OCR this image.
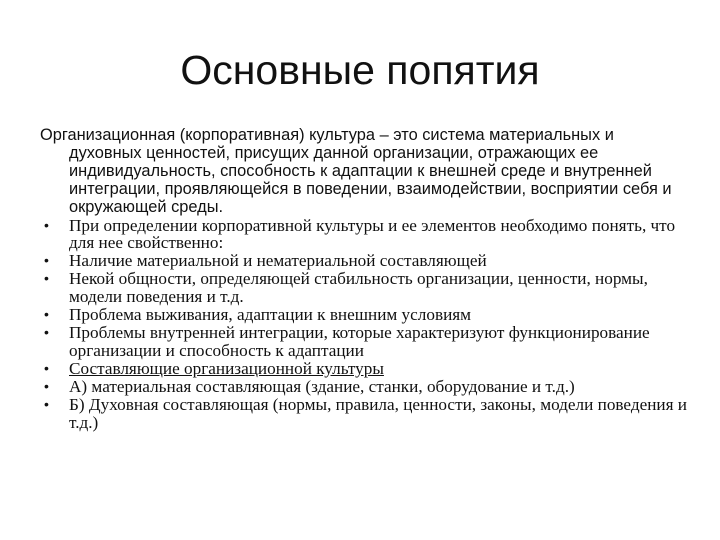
Основные попятия

Организационная (корпоративная) культура – это система материальных и духовных ценностей, присущих данной организации, отражающих ее индивидуальность, способность к адаптации к внешней среде и внутренней интеграции, проявляющейся в поведении, взаимодействии, восприятии себя и окружающей среды.

• При определении корпоративной культуры и ее элементов необходимо понять, что для нее свойственно:
• Наличие материальной и нематериальной составляющей
• Некой общности, определяющей стабильность организации, ценности, нормы, модели поведения и т.д.
• Проблема выживания, адаптации к внешним условиям
• Проблемы внутренней интеграции, которые характеризуют функционирование организации и способность к адаптации
• Составляющие организационной культуры
• А) материальная составляющая (здание, станки, оборудование и т.д.)
• Б) Духовная составляющая (нормы, правила, ценности, законы, модели поведения и т.д.)
